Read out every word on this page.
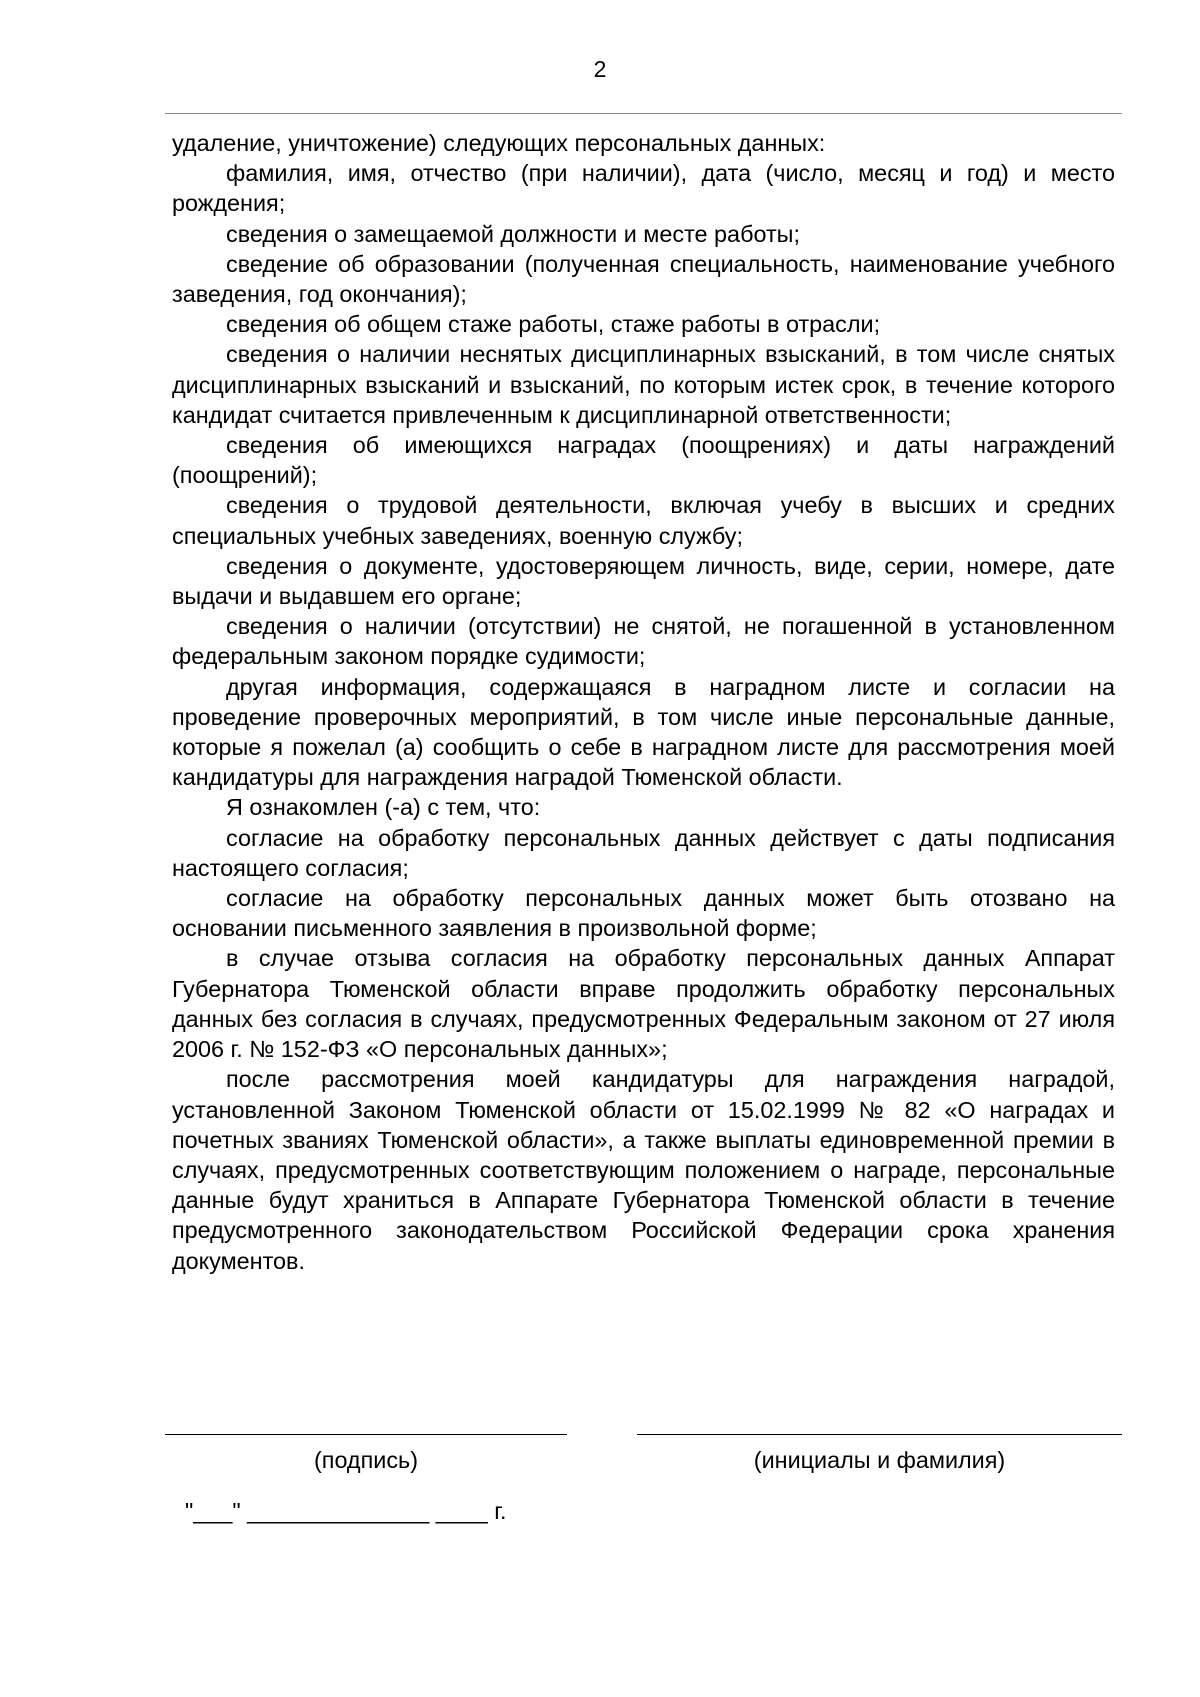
2

удаление, уничтожение) следующих персональных данных:

фамилия, имя, отчество (при наличии), дата (число, месяц и год) и место рождения;

сведения о замещаемой должности и месте работы;

сведение об образовании (полученная специальность, наименование учебного заведения, год окончания);

сведения об общем стаже работы, стаже работы в отрасли;

сведения о наличии неснятых дисциплинарных взысканий, в том числе снятых дисциплинарных взысканий и взысканий, по которым истек срок, в течение которого кандидат считается привлеченным к дисциплинарной ответственности;

сведения об имеющихся наградах (поощрениях) и даты награждений (поощрений);

сведения о трудовой деятельности, включая учебу в высших и средних специальных учебных заведениях, военную службу;

сведения о документе, удостоверяющем личность, виде, серии, номере, дате выдачи и выдавшем его органе;

сведения о наличии (отсутствии) не снятой, не погашенной в установленном федеральным законом порядке судимости;

другая информация, содержащаяся в наградном листе и согласии на проведение проверочных мероприятий, в том числе иные персональные данные, которые я пожелал (а) сообщить о себе в наградном листе для рассмотрения моей кандидатуры для награждения наградой Тюменской области.

Я ознакомлен (-а) с тем, что:

согласие на обработку персональных данных действует с даты подписания настоящего согласия;

согласие на обработку персональных данных может быть отозвано на основании письменного заявления в произвольной форме;

в случае отзыва согласия на обработку персональных данных Аппарат Губернатора Тюменской области вправе продолжить обработку персональных данных без согласия в случаях, предусмотренных Федеральным законом от 27 июля 2006 г. № 152-ФЗ «О персональных данных»;

после рассмотрения моей кандидатуры для награждения наградой, установленной Законом Тюменской области от 15.02.1999 № 82 «О наградах и почетных званиях Тюменской области», а также выплаты единовременной премии в случаях, предусмотренных соответствующим положением о награде, персональные данные будут храниться в Аппарате Губернатора Тюменской области в течение предусмотренного законодательством Российской Федерации срока хранения документов.

(подпись)	(инициалы и фамилия)
"___" ______________ ____ г.
